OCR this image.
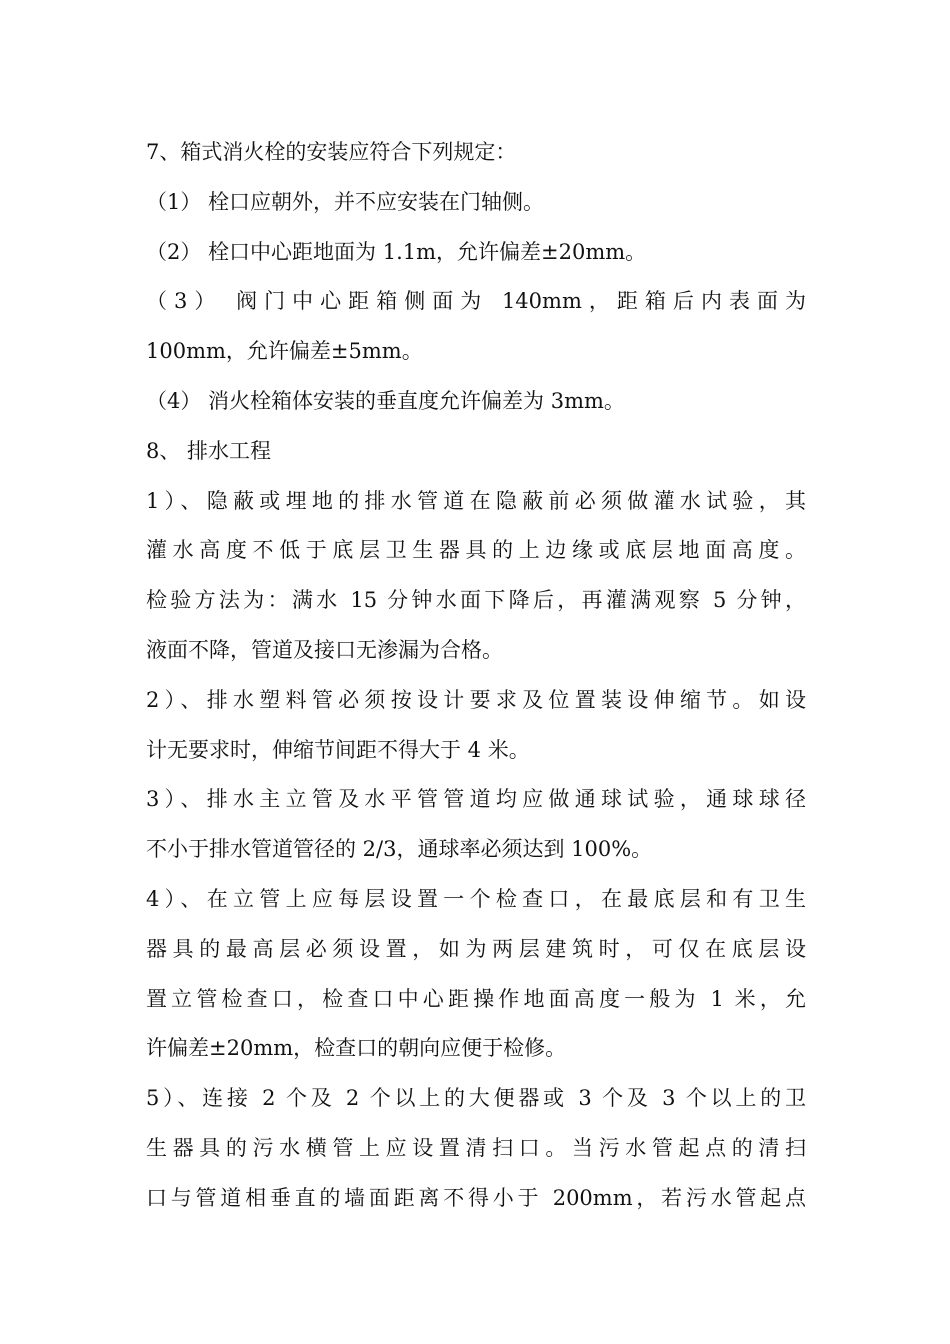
7、箱式消火栓的安装应符合下列规定：
（1） 栓口应朝外，并不应安装在门轴侧。
（2） 栓口中心距地面为 1.1m，允许偏差±20mm。
（3） 阀门中心距箱侧面为 140mm，距箱后内表面为
100mm，允许偏差±5mm。
（4） 消火栓箱体安装的垂直度允许偏差为 3mm。
8、 排水工程
1）、隐蔽或埋地的排水管道在隐蔽前必须做灌水试验，其
灌水高度不低于底层卫生器具的上边缘或底层地面高度。
检验方法为：满水 15 分钟水面下降后，再灌满观察 5 分钟，
液面不降，管道及接口无渗漏为合格。
2）、排水塑料管必须按设计要求及位置装设伸缩节。如设
计无要求时，伸缩节间距不得大于 4 米。
3）、排水主立管及水平管管道均应做通球试验，通球球径
不小于排水管道管径的 2/3，通球率必须达到 100%。
4）、在立管上应每层设置一个检查口，在最底层和有卫生
器具的最高层必须设置，如为两层建筑时，可仅在底层设
置立管检查口，检查口中心距操作地面高度一般为 1 米，允
许偏差±20mm，检查口的朝向应便于检修。
5）、连接 2 个及 2 个以上的大便器或 3 个及 3 个以上的卫
生器具的污水横管上应设置清扫口。当污水管起点的清扫
口与管道相垂直的墙面距离不得小于 200mm，若污水管起点
